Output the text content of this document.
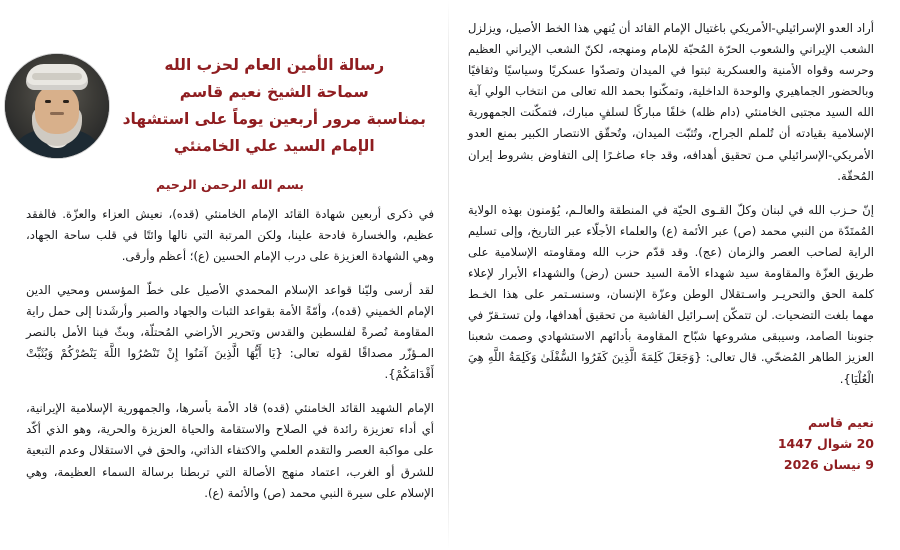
أراد العدو الإسرائيلي-الأمريكي باغتيال الإمام القائد أن يُنهي هذا الخط الأصيل، ويزلزل الشعب الإيراني والشعوب الحرّة المُحبّة للإمام ومنهجه، لكنّ الشعب الإيراني العظيم وحرسه وقواه الأمنية والعسكرية ثبتوا في الميدان وتصدّوا عسكريًا وسياسيًا وثقافيًا وبالحضور الجماهيري والوحدة الداخلية، وتمكّنوا بحمد الله تعالى من انتخاب الولي آية الله السيد مجتبى الخامنئي (دام ظله) خلفًا مباركًا لسلفٍ مبارك، فتمكّنت الجمهورية الإسلامية بقيادته أن تُلملم الجراح، وتُثبّت الميدان، وتُحقّق الانتصار الكبير بمنع العدو الأمريكي-الإسرائيلي مـن تحقيق أهدافه، وقد جاء صاغـرًا إلى التفاوض بشروط إيران المُحقّة.

إنّ حـزب الله في لبنان وكلّ القـوى الحيّة في المنطقة والعالـم، يُؤمنون بهذه الولاية المُمتَدّة من النبي محمد (ص) عبر الأئمة (ع) والعلماء الأجلّاء عبر التاريخ، وإلى تسليم الراية لصاحب العصر والزمان (عج). وقد قدّم حزب الله ومقاومته الإسلامية على طريق العزّة والمقاومة سيد شهداء الأمة السيد حسن (رض) والشهداء الأبرار لإعلاء كلمة الحق والتحريـر واسـتقلال الوطن وعزّة الإنسان، وسنسـتمر على هذا الخـط مهما بلغت التضحيات. لن تتمكّن إسـرائيل الفاشية من تحقيق أهدافها، ولن تستـقرّ في جنوبنا الصامد، وسيبقى مشروعها شبّاح المقاومة بأدائهم الاستشهادي وصمت شعبنا العزيز الطاهر المُضحّي. قال تعالى: {وَجَعَلَ كَلِمَةَ الَّذِينَ كَفَرُوا السُّفْلَىٰ وَكَلِمَةُ اللَّهِ هِيَ الْعُلْيَا}.

نعيم قاسم
20 شوال 1447
9 نيسان 2026
رسالة الأمين العام لحزب الله
سماحة الشيخ نعيم قاسم
بمناسبة مرور أربعين يوماً على استشهاد
الإمام السيد علي الخامنئي
بسم الله الرحمن الرحيم

في ذكرى أربعين شهادة القائد الإمام الخامنئي (قده)، نعيش العزاء والعزّة. فالفقد عظيم، والخسارة فادحة علينا، ولكن المرتبة التي نالها وائتًا في قلب ساحة الجهاد، وهي الشهادة العزيزة على درب الإمام الحسين (ع)؛ أعظم وأرقى.

لقد أرسى وليّنا قواعد الإسلام المحمدي الأصيل على خطّ المؤسس ومحيي الدين الإمام الخميني (قده)، وأمّةً الأمة بقواعد الثبات والجهاد والصبر وأرشَدنا إلى حمل راية المقاومة نُصرةً لفلسطين والقدس وتحرير الأراضي المُحتلّة، وبثّ فينا الأمل بالنصر المـؤزّر مصداقًا لقوله تعالى: {يَا أَيُّهَا الَّذِينَ آمَنُوا إِنْ تَنْصُرُوا اللَّهَ يَنْصُرْكُمْ وَيُثَبِّتْ أَقْدَامَكُمْ}.

الإمام الشهيد القائد الخامنئي (قده) قاد الأمة بأسرها، والجمهورية الإسلامية الإيرانية، أي أداء تعزيزة رائدة في الصلاح والاستقامة والحياة العزيزة والحرية، وهو الذي أكّد على مواكبة العصر والتقدم العلمي والاكتفاء الذاتي، والحق في الاستقلال وعدم التبعية للشرق أو الغرب، اعتماد منهج الأصالة التي تربطنا برسالة السماء العظيمة، وهي الإسلام على سيرة النبي محمد (ص) والأئمة (ع).
